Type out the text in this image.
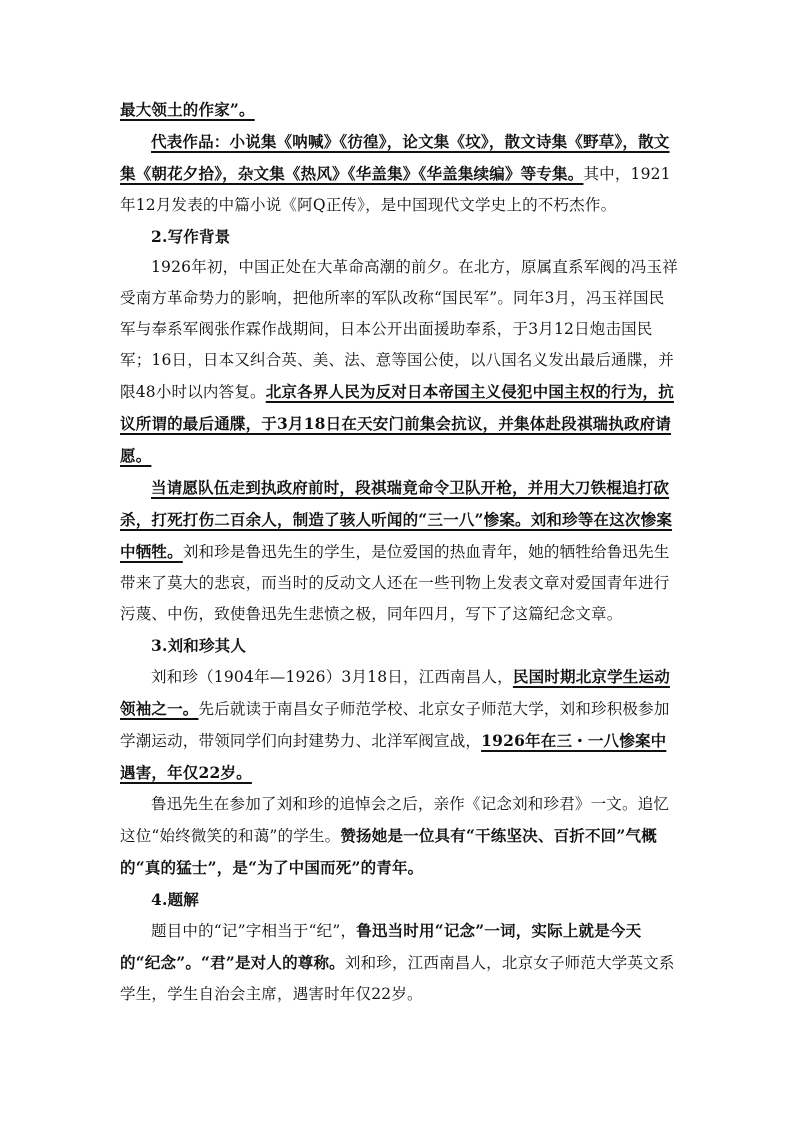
最大领土的作家”。

代表作品：小说集《呐喊》《彷徨》，论文集《坟》，散文诗集《野草》，散文集《朝花夕拾》，杂文集《热风》《华盖集》《华盖集续编》等专集。其中，1921年12月发表的中篇小说《阿Q正传》，是中国现代文学史上的不朽杰作。

2.写作背景

1926年初，中国正处在大革命高潮的前夕。在北方，原属直系军阀的冯玉祥受南方革命势力的影响，把他所率的军队改称“国民军”。同年3月，冯玉祥国民军与奉系军阀张作霖作战期间，日本公开出面援助奉系，于3月12日炮击国民军；16日，日本又纠合英、美、法、意等国公使，以八国名义发出最后通牒，并限48小时以内答复。北京各界人民为反对日本帝国主义侵犯中国主权的行为，抗议所谓的最后通牒，于3月18日在天安门前集会抗议，并集体赴段祺瑞执政府请愿。

当请愿队伍走到执政府前时，段祺瑞竟命令卫队开枪，并用大刀铁棍追打砍杀，打死打伤二百余人，制造了骇人听闻的“三一八”惨案。刘和珍等在这次惨案中牺牲。刘和珍是鲁迅先生的学生，是位爱国的热血青年，她的牺牲给鲁迅先生带来了莫大的悲哀，而当时的反动文人还在一些刊物上发表文章对爱国青年进行污蔑、中伤，致使鲁迅先生悲愤之极，同年四月，写下了这篇纪念文章。

3.刘和珍其人

刘和珍（1904年—1926）3月18日，江西南昌人，民国时期北京学生运动领袖之一。先后就读于南昌女子师范学校、北京女子师范大学，刘和珍积极参加学潮运动，带领同学们向封建势力、北洋军阀宣战，1926年在三・一八惨案中遇害，年仅22岁。

鲁迅先生在参加了刘和珍的追悼会之后，亲作《记念刘和珍君》一文。追忆这位“始终微笑的和蔼”的学生。赞扬她是一位具有“干练坚决、百折不回”气概的“真的猛士”，是“为了中国而死”的青年。

4.题解

题目中的“记”字相当于“纪”，鲁迅当时用“记念”一词，实际上就是今天的“纪念”。“君”是对人的尊称。刘和珍，江西南昌人，北京女子师范大学英文系学生，学生自治会主席，遇害时年仅22岁。
